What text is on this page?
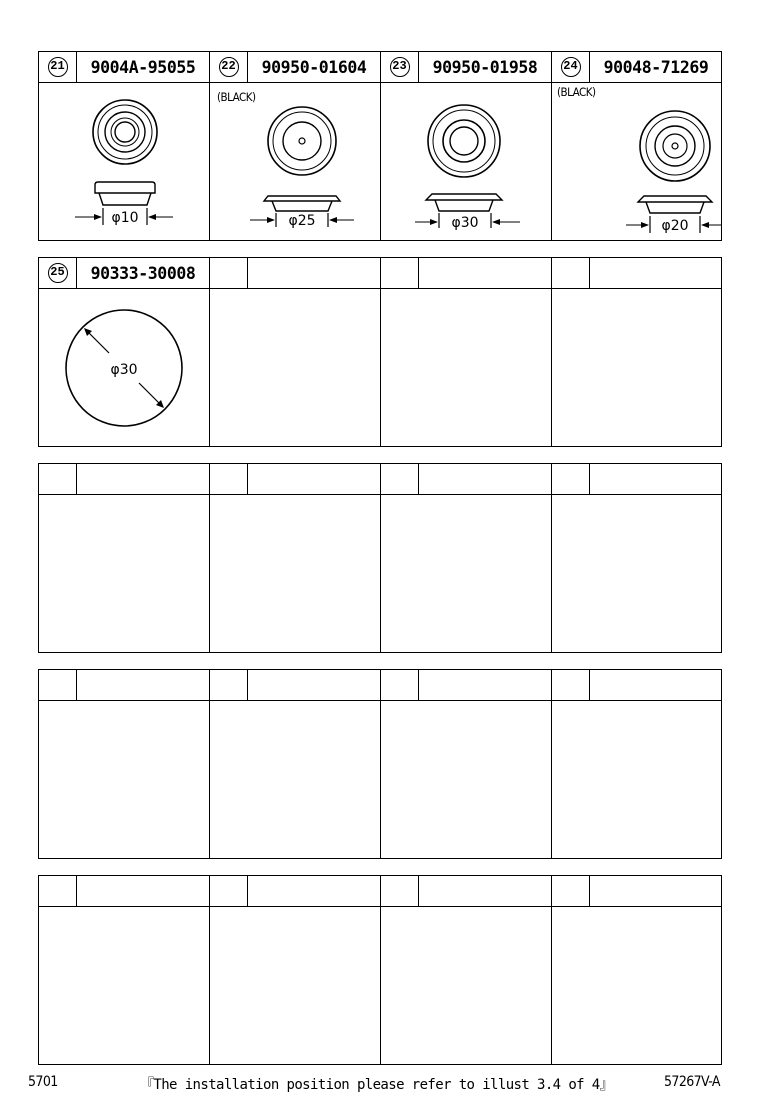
21	9004A-95055
φ10
22	90950-01604
(BLACK)
φ25
23	90950-01958
φ30
24	90048-71269
(BLACK)
φ20
25	90333-30008
φ30
5701	『The installation position please refer to illust 3.4 of 4』	57267V-A
